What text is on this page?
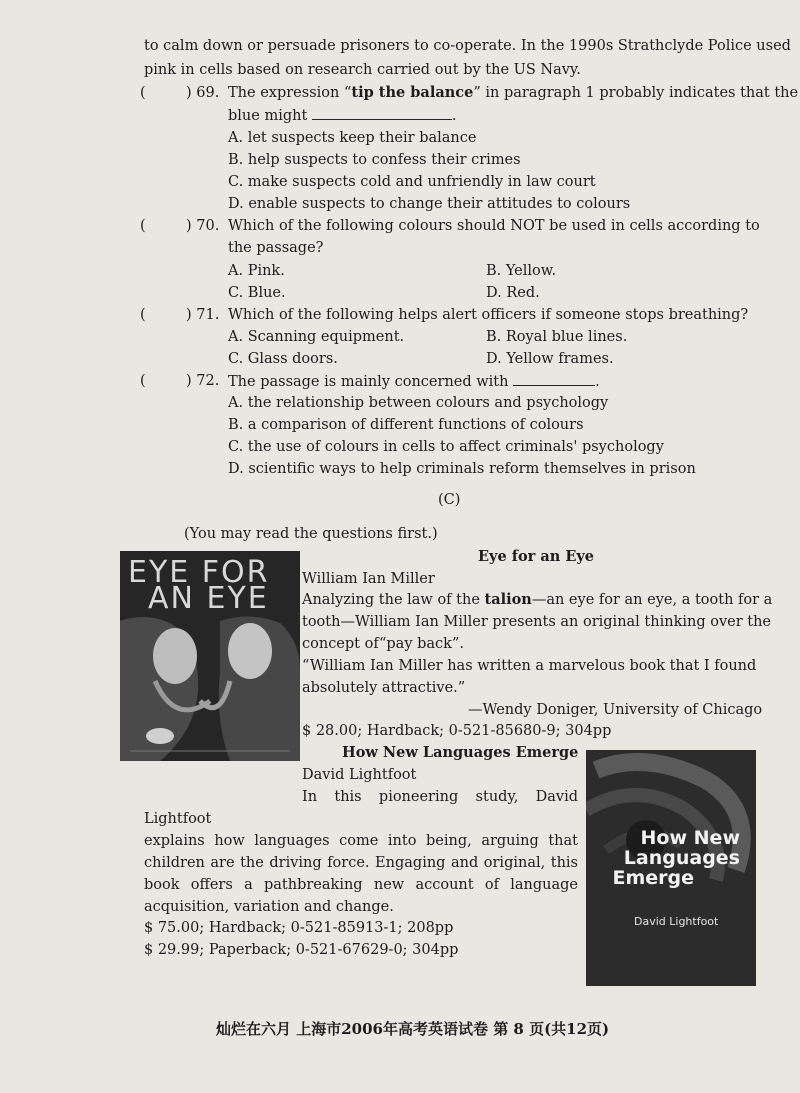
to calm down or persuade prisoners to co-operate. In the 1990s Strathclyde Police used
pink in cells based on research carried out by the US Navy.
(	) 69. The expression “tip the balance” in paragraph 1 probably indicates that the
blue might	.
A. let suspects keep their balance
B. help suspects to confess their crimes
C. make suspects cold and unfriendly in law court
D. enable suspects to change their attitudes to colours
(	) 70. Which of the following colours should NOT be used in cells according to
the passage?
A. Pink.	B. Yellow.
C. Blue.	D. Red.
(	) 71. Which of the following helps alert officers if someone stops breathing?
A. Scanning equipment.	B. Royal blue lines.
C. Glass doors.	D. Yellow frames.
(	) 72. The passage is mainly concerned with	.
A. the relationship between colours and psychology
B. a comparison of different functions of colours
C. the use of colours in cells to affect criminals' psychology
D. scientific ways to help criminals reform themselves in prison
(C)
(You may read the questions first.)
EYE FOR
AN EYE
Eye for an Eye
William Ian Miller
Analyzing the law of the talion—an eye for an eye, a tooth for a
tooth—William Ian Miller presents an original thinking over the
concept of“pay back”.
“William Ian Miller has written a marvelous book that I found
absolutely attractive.”
—Wendy Doniger, University of Chicago
$ 28.00; Hardback; 0-521-85680-9; 304pp
How New Languages Emerge
David Lightfoot
In this pioneering study, David
Lightfoot
explains how languages come into being, arguing that
children are the driving force. Engaging and original, this
book offers a pathbreaking new account of language
acquisition, variation and change.
$ 75.00; Hardback; 0-521-85913-1; 208pp
$ 29.99; Paperback; 0-521-67629-0; 304pp
How New
Languages
Emerge
David Lightfoot
灿烂在六月 上海市2006年高考英语试卷 第 8 页(共12页)
